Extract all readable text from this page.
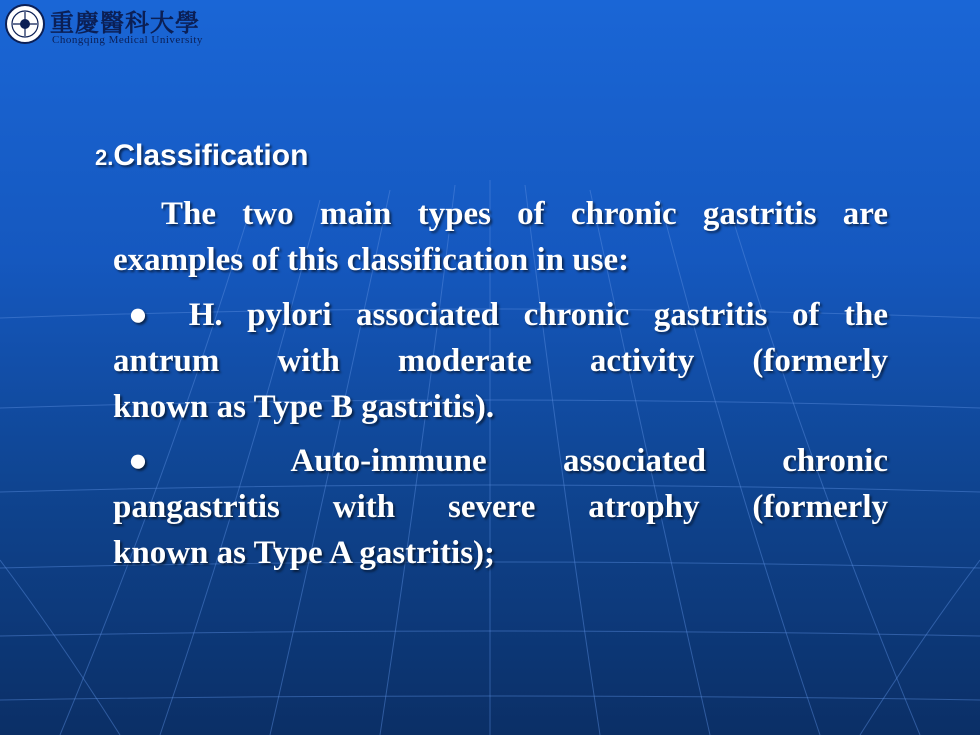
重慶醫科大學
Chongqing Medical University
2.Classification
The two main types of chronic gastritis are
examples of this classification in use:
● H. pylori associated chronic gastritis of the
antrum with moderate activity (formerly
known as Type B gastritis).
● Auto-immune associated chronic
pangastritis with severe atrophy (formerly
known as Type A gastritis);
